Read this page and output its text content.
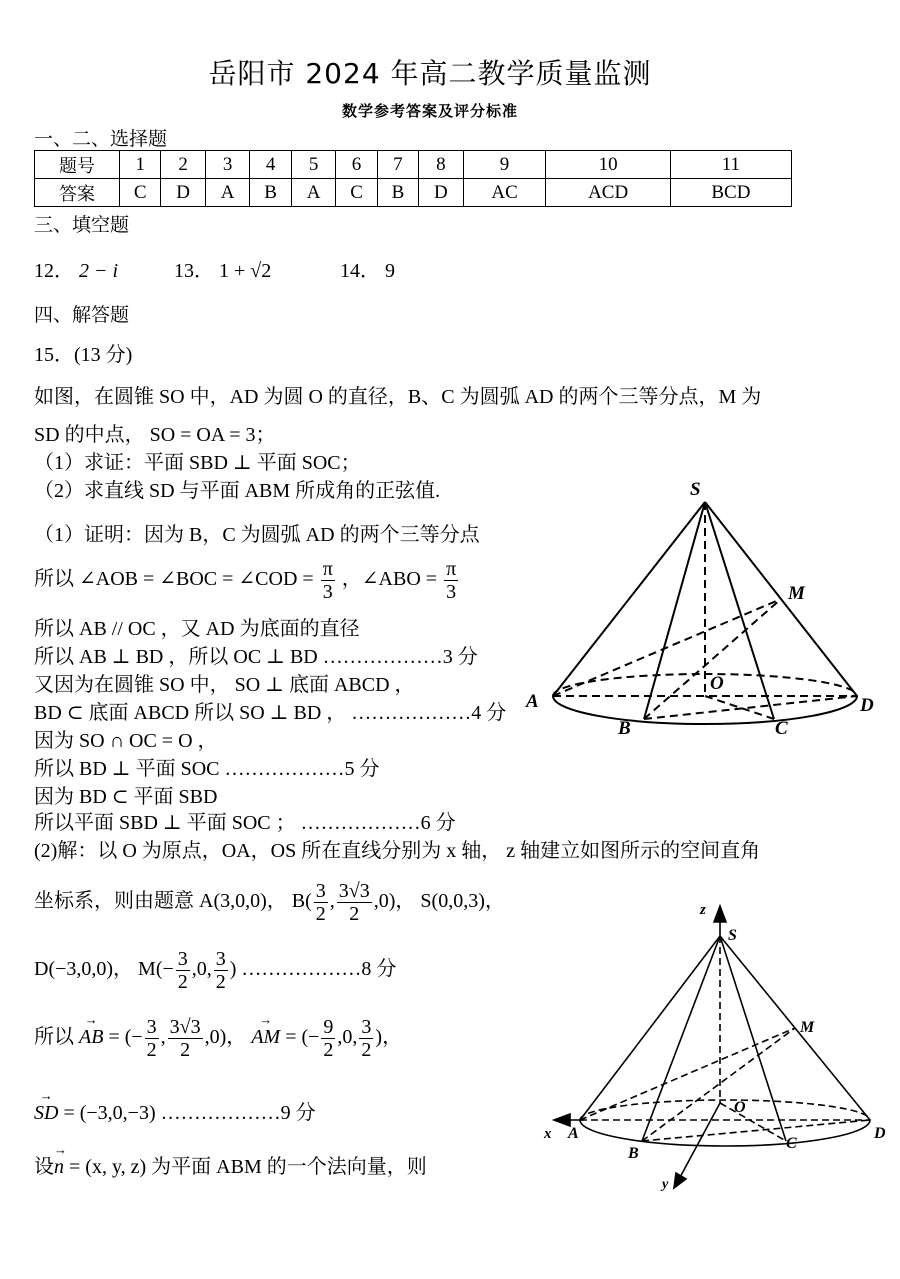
岳阳市 2024 年高二教学质量监测
数学参考答案及评分标准
一、二、选择题
题号	1	2	3	4	5	6	7	8	9	10	11
答案	C	D	A	B	A	C	B	D	AC	ACD	BCD
三、填空题
12． 2 − i	13． 1 + √2	14． 9
四、解答题
15．(13 分)
如图，在圆锥 SO 中，AD 为圆 O 的直径，B、C 为圆弧 AD 的两个三等分点，M 为
SD 的中点， SO = OA = 3；
（1）求证：平面 SBD ⊥ 平面 SOC；
（2）求直线 SD 与平面 ABM 所成角的正弦值.
（1）证明：因为 B，C 为圆弧 AD 的两个三等分点
所以 ∠AOB = ∠BOC = ∠COD = $\frac{\pi}{3}$ ，∠ABO = $\frac{\pi}{3}$
所以 AB // OC ，又 AD 为底面的直径
所以 AB ⊥ BD ，所以 OC ⊥ BD ………………3 分
又因为在圆锥 SO 中， SO ⊥ 底面 ABCD ，
BD ⊂ 底面 ABCD 所以 SO ⊥ BD ， ………………4 分
因为 SO ∩ OC = O ，
所以 BD ⊥ 平面 SOC ………………5 分
因为 BD ⊂ 平面 SBD
所以平面 SBD ⊥ 平面 SOC ； ………………6 分
(2)解：以 O 为原点，OA，OS 所在直线分别为 x 轴， z 轴建立如图所示的空间直角
坐标系，则由题意 A(3,0,0)， $B( \frac{3}{2}$ , $\frac{3√3}{2} ,0$)， S(0,0,3)，
D(−3,0,0)， $M(- \frac{3}{2} ,0$, $\frac{3}{2}$ ) ………………8 分
所以 → AB = (− $\frac{3}{2}$ , $\frac{3√3}{2} ,0$)， → AM = (− $\frac{9}{2} ,0$, $\frac{3}{2}$ )，
→ SD = (−3,0,−3) ………………9 分
设→ n = (x, y, z) 为平面 ABM 的一个法向量，则
S
M
O
A
B	C
D
z
S
M
O
x A
B
C
D
y
